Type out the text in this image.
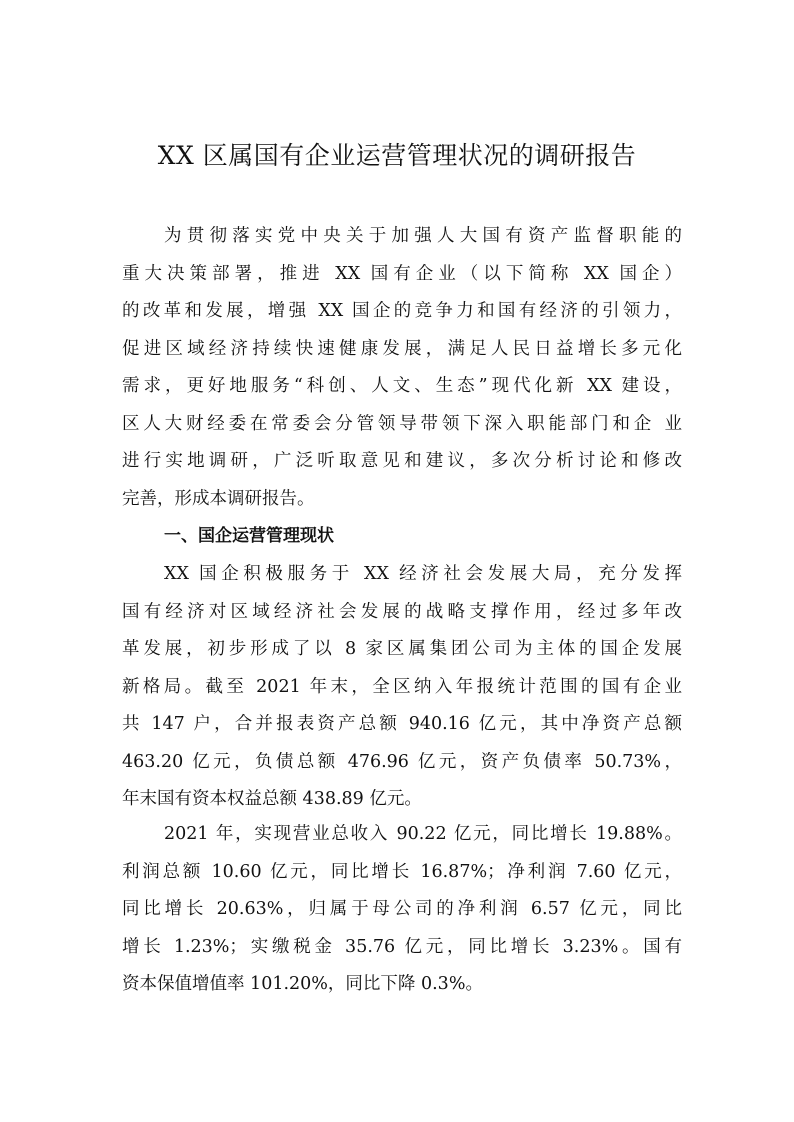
XX 区属国有企业运营管理状况的调研报告
为贯彻落实党中央关于加强人大国有资产监督职能的
重大决策部署，推进 XX 国有企业（以下简称 XX 国企）
的改革和发展，增强 XX 国企的竞争力和国有经济的引领力，
促进区域经济持续快速健康发展，满足人民日益增长多元化
需求，更好地服务“科创、人文、生态”现代化新 XX 建设，
区人大财经委在常委会分管领导带领下深入职能部门和企 业
进行实地调研，广泛听取意见和建议，多次分析讨论和修改
完善，形成本调研报告。
一、国企运营管理现状
XX 国企积极服务于 XX 经济社会发展大局，充分发挥
国有经济对区域经济社会发展的战略支撑作用，经过多年改
革发展，初步形成了以 8 家区属集团公司为主体的国企发展
新格局。截至 2021 年末，全区纳入年报统计范围的国有企业
共 147 户，合并报表资产总额 940.16 亿元，其中净资产总额
463.20 亿元，负债总额 476.96 亿元，资产负债率 50.73%，
年末国有资本权益总额 438.89 亿元。
2021 年，实现营业总收入 90.22 亿元，同比增长 19.88%。
利润总额 10.60 亿元，同比增长 16.87%；净利润 7.60 亿元，
同比增长 20.63%，归属于母公司的净利润 6.57 亿元，同比
增长 1.23%；实缴税金 35.76 亿元，同比增长 3.23%。国有
资本保值增值率 101.20%，同比下降 0.3%。
